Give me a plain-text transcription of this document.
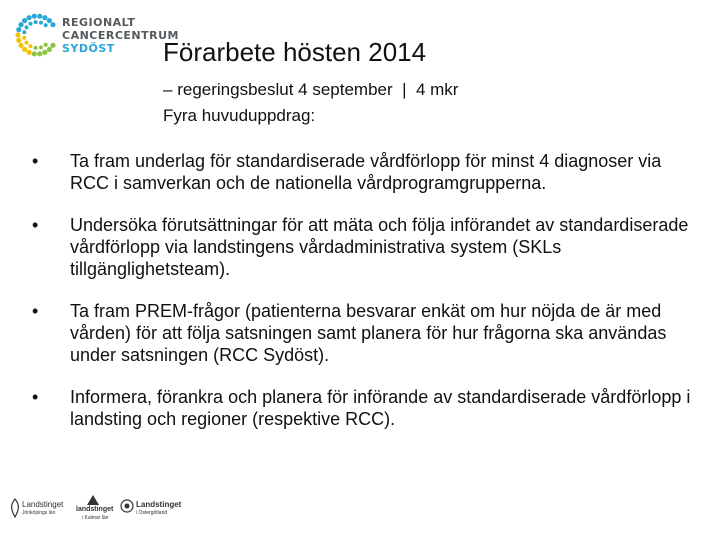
REGIONALT
CANCERCENTRUM
SYDÖST	Förarbete hösten 2014
– regeringsbeslut 4 september  |  4 mkr
Fyra huvuduppdrag:
• Ta fram underlag för standardiserade vårdförlopp för minst 4 diagnoser via RCC i samverkan och de nationella vårdprogramgrupperna.
• Undersöka förutsättningar för att mäta och följa införandet av standardiserade vårdförlopp via landstingens vårdadministrativa system (SKLs tillgänglighetsteam).
• Ta fram PREM-frågor (patienterna besvarar enkät om hur nöjda de är med vården) för att följa satsningen samt planera för hur frågorna ska användas under satsningen (RCC Sydöst).
• Informera, förankra och planera för införande av standardiserade vårdförlopp i landsting och regioner (respektive RCC).
Landstinget
Jönköpings län	landstinget
i Kalmar län
Landstinget
i Östergötland
